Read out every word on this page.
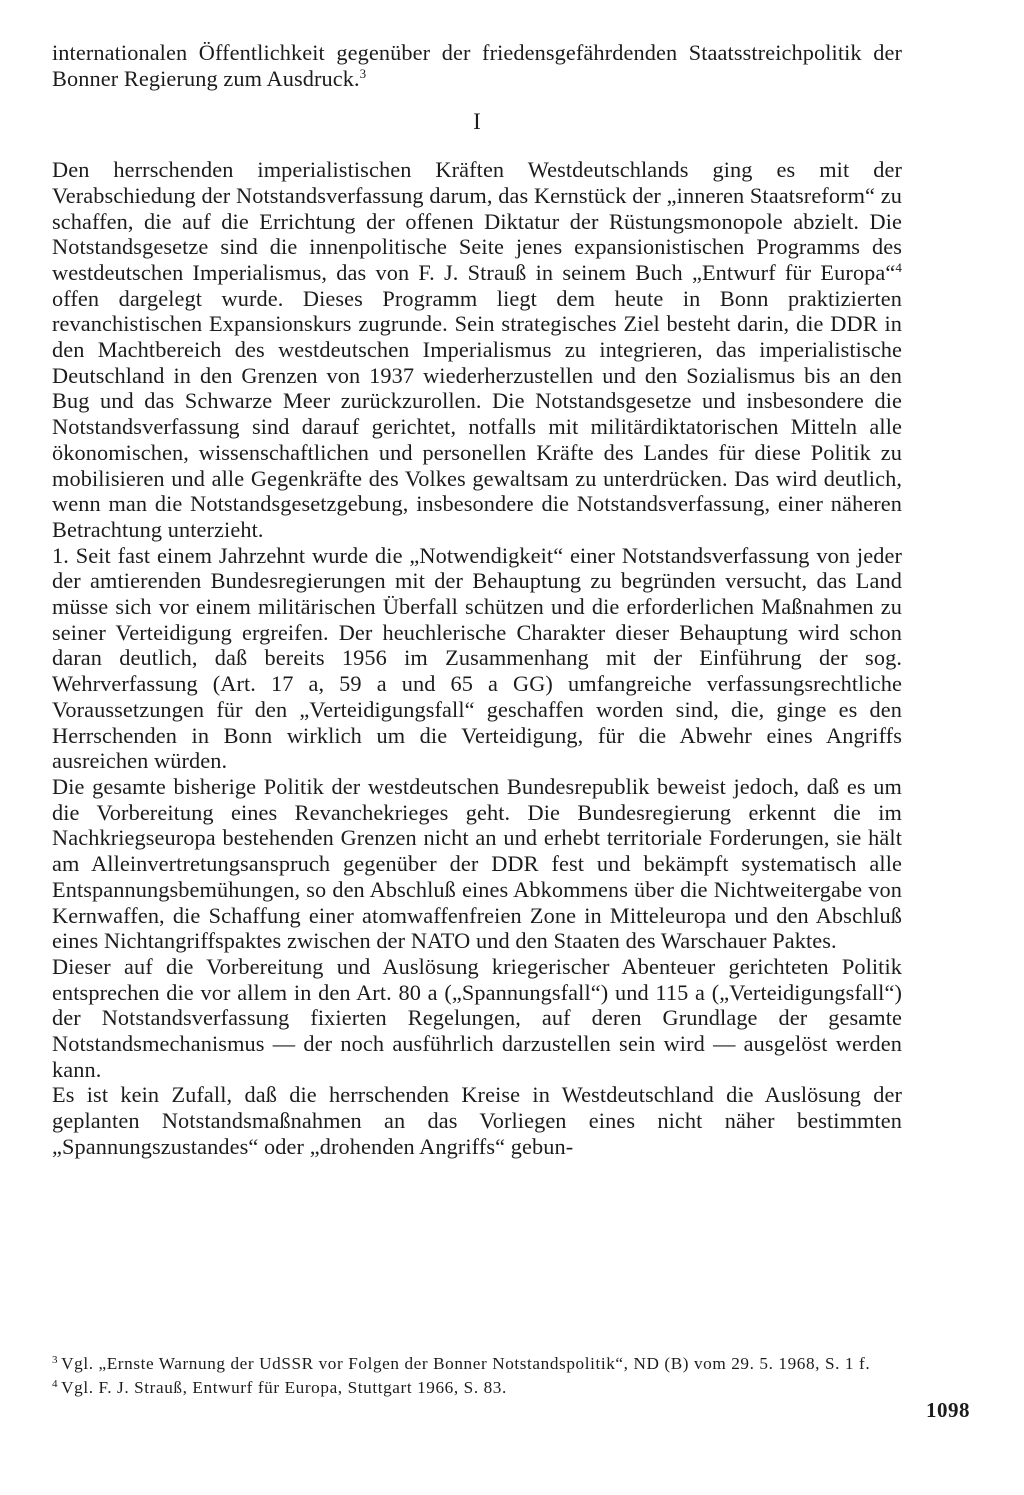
internationalen Öffentlichkeit gegenüber der friedensgefährdenden Staatsstreichpolitik der Bonner Regierung zum Ausdruck.$^3$

I

Den herrschenden imperialistischen Kräften Westdeutschlands ging es mit der Verabschiedung der Notstandsverfassung darum, das Kernstück der „inneren Staatsreform“ zu schaffen, die auf die Errichtung der offenen Diktatur der Rüstungsmonopole abzielt. Die Notstandsgesetze sind die innenpolitische Seite jenes expansionistischen Programms des westdeutschen Imperialismus, das von F. J. Strauß in seinem Buch „Entwurf für Europa“$^4$ offen dargelegt wurde. Dieses Programm liegt dem heute in Bonn praktizierten revanchistischen Expansionskurs zugrunde. Sein strategisches Ziel besteht darin, die DDR in den Machtbereich des westdeutschen Imperialismus zu integrieren, das imperialistische Deutschland in den Grenzen von 1937 wiederherzustellen und den Sozialismus bis an den Bug und das Schwarze Meer zurückzurollen. Die Notstandsgesetze und insbesondere die Notstandsverfassung sind darauf gerichtet, notfalls mit militärdiktatorischen Mitteln alle ökonomischen, wissenschaftlichen und personellen Kräfte des Landes für diese Politik zu mobilisieren und alle Gegenkräfte des Volkes gewaltsam zu unterdrücken. Das wird deutlich, wenn man die Notstandsgesetzgebung, insbesondere die Notstandsverfassung, einer näheren Betrachtung unterzieht.

1. Seit fast einem Jahrzehnt wurde die „Notwendigkeit“ einer Notstandsverfassung von jeder der amtierenden Bundesregierungen mit der Behauptung zu begründen versucht, das Land müsse sich vor einem militärischen Überfall schützen und die erforderlichen Maßnahmen zu seiner Verteidigung ergreifen. Der heuchlerische Charakter dieser Behauptung wird schon daran deutlich, daß bereits 1956 im Zusammenhang mit der Einführung der sog. Wehrverfassung (Art. 17 a, 59 a und 65 a GG) umfangreiche verfassungsrechtliche Voraussetzungen für den „Verteidigungsfall“ geschaffen worden sind, die, ginge es den Herrschenden in Bonn wirklich um die Verteidigung, für die Abwehr eines Angriffs ausreichen würden.

Die gesamte bisherige Politik der westdeutschen Bundesrepublik beweist jedoch, daß es um die Vorbereitung eines Revanchekrieges geht. Die Bundesregierung erkennt die im Nachkriegseuropa bestehenden Grenzen nicht an und erhebt territoriale Forderungen, sie hält am Alleinvertretungsanspruch gegenüber der DDR fest und bekämpft systematisch alle Entspannungsbemühungen, so den Abschluß eines Abkommens über die Nichtweitergabe von Kernwaffen, die Schaffung einer atomwaffenfreien Zone in Mitteleuropa und den Abschluß eines Nichtangriffspaktes zwischen der NATO und den Staaten des Warschauer Paktes.

Dieser auf die Vorbereitung und Auslösung kriegerischer Abenteuer gerichteten Politik entsprechen die vor allem in den Art. 80 a („Spannungsfall“) und 115 a („Verteidigungsfall“) der Notstandsverfassung fixierten Regelungen, auf deren Grundlage der gesamte Notstandsmechanismus — der noch ausführlich darzustellen sein wird — ausgelöst werden kann.

Es ist kein Zufall, daß die herrschenden Kreise in Westdeutschland die Auslösung der geplanten Notstandsmaßnahmen an das Vorliegen eines nicht näher bestimmten „Spannungszustandes“ oder „drohenden Angriffs“ gebun-

$^3$ Vgl. „Ernste Warnung der UdSSR vor Folgen der Bonner Notstandspolitik“, ND (B) vom 29. 5. 1968, S. 1 f.

$^4$ Vgl. F. J. Strauß, Entwurf für Europa, Stuttgart 1966, S. 83.

1098
